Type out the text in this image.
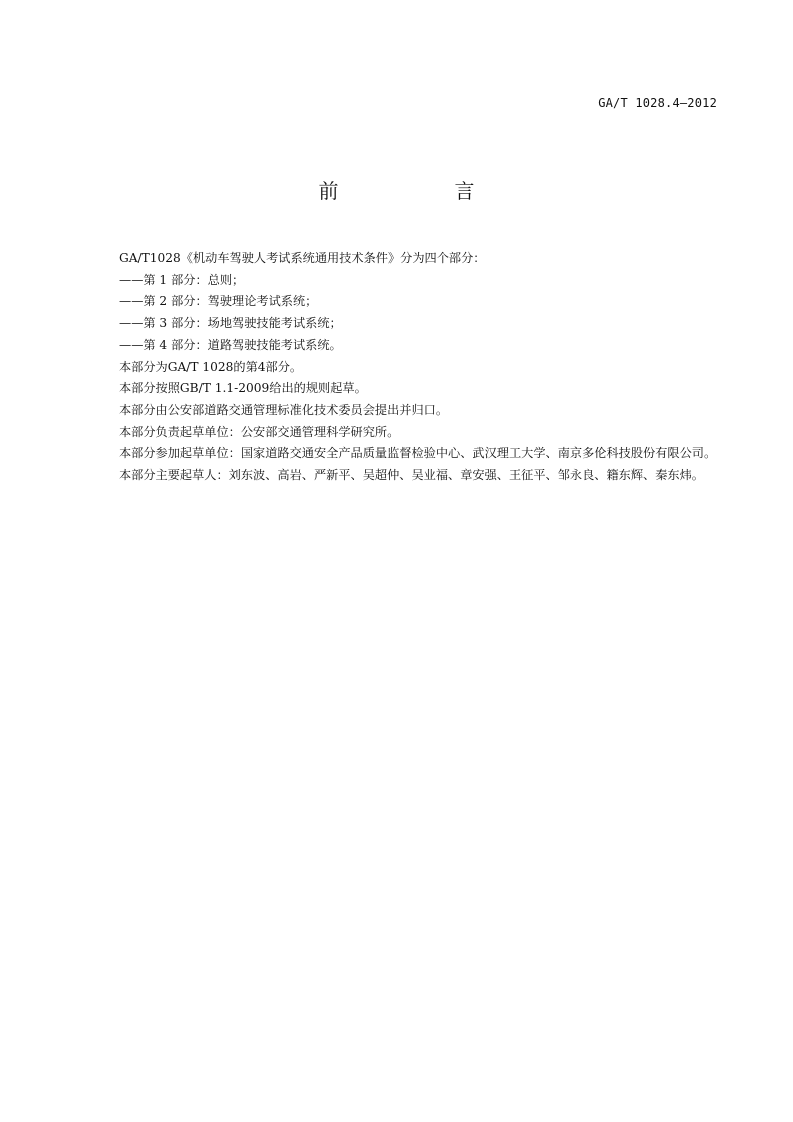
GA/T 1028.4—2012
前　言

GA/T1028《机动车驾驶人考试系统通用技术条件》分为四个部分：

——第 1 部分：总则；

——第 2 部分：驾驶理论考试系统；

——第 3 部分：场地驾驶技能考试系统；

——第 4 部分：道路驾驶技能考试系统。

本部分为GA/T 1028的第4部分。

本部分按照GB/T 1.1-2009给出的规则起草。

本部分由公安部道路交通管理标准化技术委员会提出并归口。

本部分负责起草单位：公安部交通管理科学研究所。

本部分参加起草单位：国家道路交通安全产品质量监督检验中心、武汉理工大学、南京多伦科技股份有限公司。

本部分主要起草人：刘东波、高岩、严新平、吴超仲、吴业福、章安强、王征平、邹永良、籍东辉、秦东炜。
